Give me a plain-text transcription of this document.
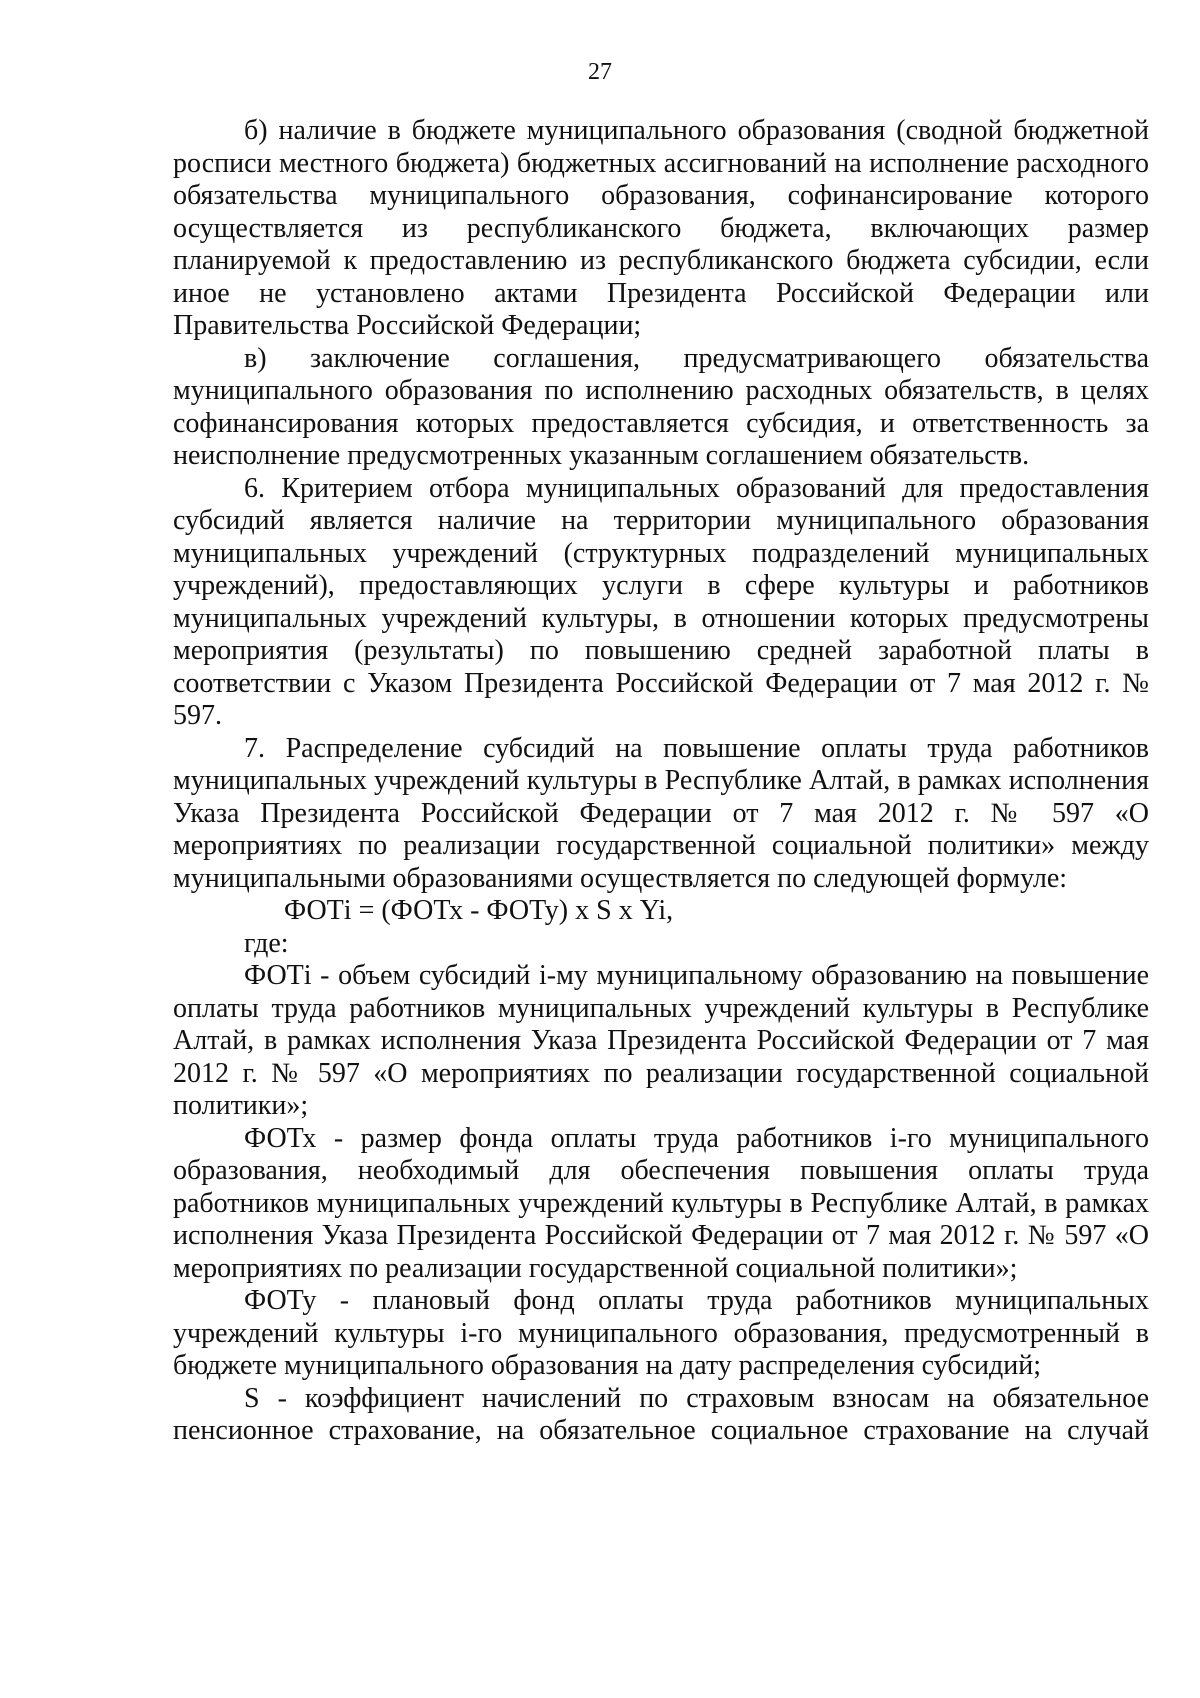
27

б) наличие в бюджете муниципального образования (сводной бюджетной росписи местного бюджета) бюджетных ассигнований на исполнение расходного обязательства муниципального образования, софинансирование которого осуществляется из республиканского бюджета, включающих размер планируемой к предоставлению из республиканского бюджета субсидии, если иное не установлено актами Президента Российской Федерации или Правительства Российской Федерации;

в) заключение соглашения, предусматривающего обязательства муниципального образования по исполнению расходных обязательств, в целях софинансирования которых предоставляется субсидия, и ответственность за неисполнение предусмотренных указанным соглашением обязательств.

6. Критерием отбора муниципальных образований для предоставления субсидий является наличие на территории муниципального образования муниципальных учреждений (структурных подразделений муниципальных учреждений), предоставляющих услуги в сфере культуры и работников муниципальных учреждений культуры, в отношении которых предусмотрены мероприятия (результаты) по повышению средней заработной платы в соответствии с Указом Президента Российской Федерации от 7 мая 2012 г. № 597.

7. Распределение субсидий на повышение оплаты труда работников муниципальных учреждений культуры в Республике Алтай, в рамках исполнения Указа Президента Российской Федерации от 7 мая 2012 г. № 597 «О мероприятиях по реализации государственной социальной политики» между муниципальными образованиями осуществляется по следующей формуле:

ФОТi = (ФОТх - ФОТу) х S х Yi,

где:

ФОТi - объем субсидий i-му муниципальному образованию на повышение оплаты труда работников муниципальных учреждений культуры в Республике Алтай, в рамках исполнения Указа Президента Российской Федерации от 7 мая 2012 г. № 597 «О мероприятиях по реализации государственной социальной политики»;

ФОТх - размер фонда оплаты труда работников i-го муниципального образования, необходимый для обеспечения повышения оплаты труда работников муниципальных учреждений культуры в Республике Алтай, в рамках исполнения Указа Президента Российской Федерации от 7 мая 2012 г. № 597 «О мероприятиях по реализации государственной социальной политики»;

ФОТу - плановый фонд оплаты труда работников муниципальных учреждений культуры i-го муниципального образования, предусмотренный в бюджете муниципального образования на дату распределения субсидий;

S - коэффициент начислений по страховым взносам на обязательное пенсионное страхование, на обязательное социальное страхование на случай
